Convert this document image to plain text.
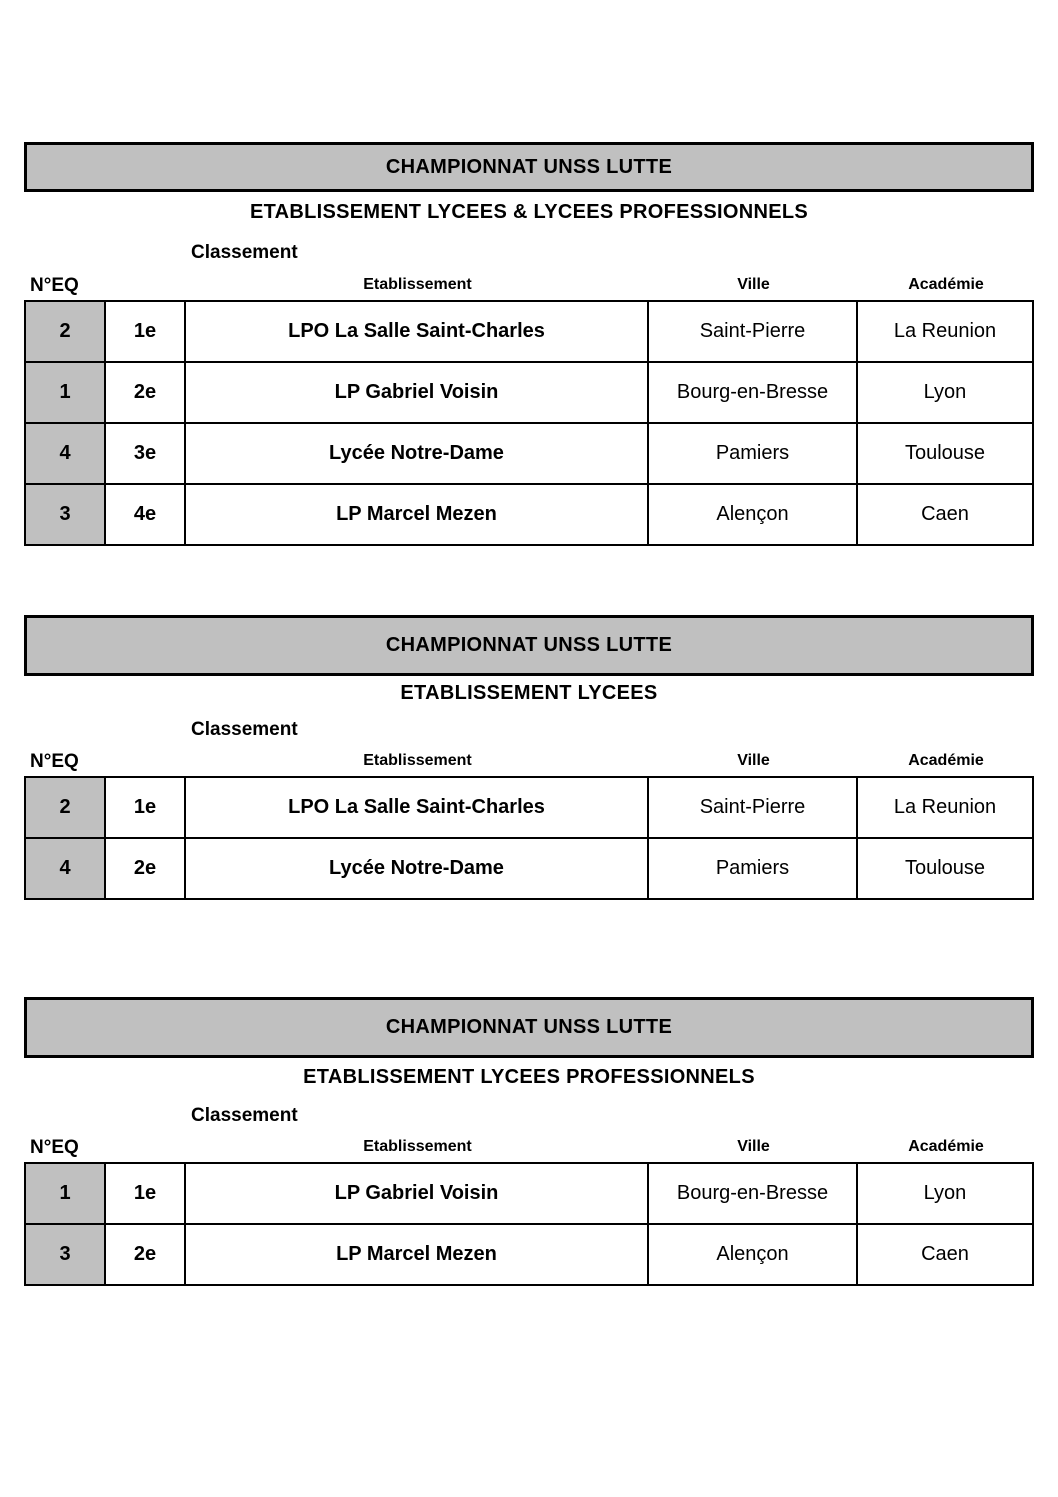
CHAMPIONNAT UNSS LUTTE
ETABLISSEMENT LYCEES & LYCEES PROFESSIONNELS
Classement
N°EQ	Etablissement	Ville	Académie
2	1e	LPO La Salle Saint-Charles	Saint-Pierre	La Reunion
1	2e	LP Gabriel Voisin	Bourg-en-Bresse	Lyon
4	3e	Lycée Notre-Dame	Pamiers	Toulouse
3	4e	LP Marcel Mezen	Alençon	Caen
CHAMPIONNAT UNSS LUTTE
ETABLISSEMENT LYCEES
Classement
N°EQ	Etablissement	Ville	Académie
2	1e	LPO La Salle Saint-Charles	Saint-Pierre	La Reunion
4	2e	Lycée Notre-Dame	Pamiers	Toulouse
CHAMPIONNAT UNSS LUTTE
ETABLISSEMENT LYCEES PROFESSIONNELS
Classement
N°EQ	Etablissement	Ville	Académie
1	1e	LP Gabriel Voisin	Bourg-en-Bresse	Lyon
3	2e	LP Marcel Mezen	Alençon	Caen
